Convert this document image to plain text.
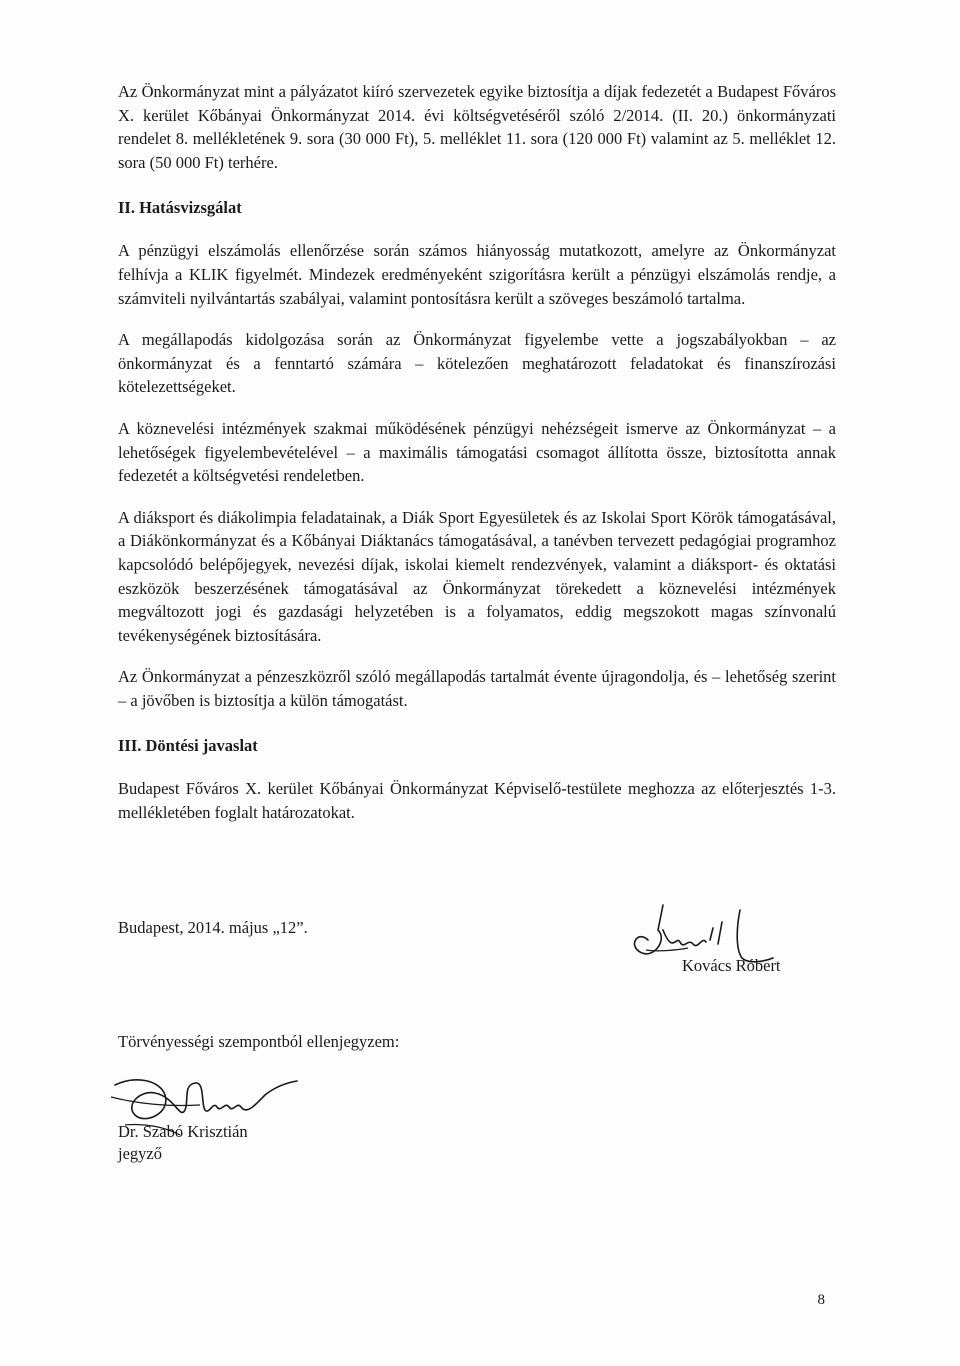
Az Önkormányzat mint a pályázatot kiíró szervezetek egyike biztosítja a díjak fedezetét a Budapest Főváros X. kerület Kőbányai Önkormányzat 2014. évi költségvetéséről szóló 2/2014. (II. 20.) önkormányzati rendelet 8. mellékletének 9. sora (30 000 Ft), 5. melléklet 11. sora (120 000 Ft) valamint az 5. melléklet 12. sora (50 000 Ft) terhére.

II. Hatásvizsgálat

A pénzügyi elszámolás ellenőrzése során számos hiányosság mutatkozott, amelyre az Önkormányzat felhívja a KLIK figyelmét. Mindezek eredményeként szigorításra került a pénzügyi elszámolás rendje, a számviteli nyilvántartás szabályai, valamint pontosításra került a szöveges beszámoló tartalma.

A megállapodás kidolgozása során az Önkormányzat figyelembe vette a jogszabályokban – az önkormányzat és a fenntartó számára – kötelezően meghatározott feladatokat és finanszírozási kötelezettségeket.

A köznevelési intézmények szakmai működésének pénzügyi nehézségeit ismerve az Önkormányzat – a lehetőségek figyelembevételével – a maximális támogatási csomagot állította össze, biztosította annak fedezetét a költségvetési rendeletben.

A diáksport és diákolimpia feladatainak, a Diák Sport Egyesületek és az Iskolai Sport Körök támogatásával, a Diákönkormányzat és a Kőbányai Diáktanács támogatásával, a tanévben tervezett pedagógiai programhoz kapcsolódó belépőjegyek, nevezési díjak, iskolai kiemelt rendezvények, valamint a diáksport- és oktatási eszközök beszerzésének támogatásával az Önkormányzat törekedett a köznevelési intézmények megváltozott jogi és gazdasági helyzetében is a folyamatos, eddig megszokott magas színvonalú tevékenységének biztosítására.

Az Önkormányzat a pénzeszközről szóló megállapodás tartalmát évente újragondolja, és – lehetőség szerint – a jövőben is biztosítja a külön támogatást.

III. Döntési javaslat

Budapest Főváros X. kerület Kőbányai Önkormányzat Képviselő-testülete meghozza az előterjesztés 1-3. mellékletében foglalt határozatokat.

Budapest, 2014. május „12”.
Kovács Róbert
Törvényességi szempontból ellenjegyzem:
Dr. Szabó Krisztián
jegyző
8
